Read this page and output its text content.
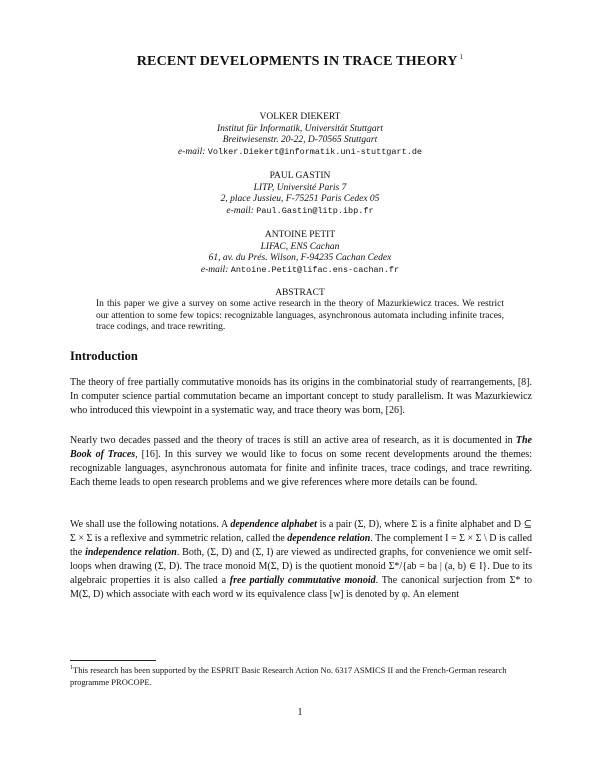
RECENT DEVELOPMENTS IN TRACE THEORY $^1$
VOLKER DIEKERT
Institut für Informatik, Universität Stuttgart
Breitwiesenstr. 20-22, D-70565 Stuttgart
e-mail: Volker.Diekert@informatik.uni-stuttgart.de
PAUL GASTIN
LITP, Université Paris 7
2, place Jussieu, F-75251 Paris Cedex 05
e-mail: Paul.Gastin@litp.ibp.fr
ANTOINE PETIT
LIFAC, ENS Cachan
61, av. du Prés. Wilson, F-94235 Cachan Cedex
e-mail: Antoine.Petit@lifac.ens-cachan.fr
ABSTRACT
In this paper we give a survey on some active research in the theory of Mazurkiewicz traces. We restrict our attention to some few topics: recognizable languages, asynchronous automata including infinite traces, trace codings, and trace rewriting.
Introduction
The theory of free partially commutative monoids has its origins in the combinatorial study of rearrangements, [8]. In computer science partial commutation became an important concept to study parallelism. It was Mazurkiewicz who introduced this viewpoint in a systematic way, and trace theory was born, [26].
Nearly two decades passed and the theory of traces is still an active area of research, as it is documented in The Book of Traces, [16]. In this survey we would like to focus on some recent developments around the themes: recognizable languages, asynchronous automata for finite and infinite traces, trace codings, and trace rewriting. Each theme leads to open research problems and we give references where more details can be found.
We shall use the following notations. A dependence alphabet is a pair (Σ, D), where Σ is a finite alphabet and D ⊆ Σ × Σ is a reflexive and symmetric relation, called the dependence relation. The complement I = Σ × Σ \ D is called the independence relation. Both, (Σ, D) and (Σ, I) are viewed as undirected graphs, for convenience we omit self-loops when drawing (Σ, D). The trace monoid M(Σ, D) is the quotient monoid Σ*/{ab = ba | (a, b) ∈ I}. Due to its algebraic properties it is also called a free partially commutative monoid. The canonical surjection from Σ* to M(Σ, D) which associate with each word w its equivalence class [w] is denoted by φ. An element
$^1$This research has been supported by the ESPRIT Basic Research Action No. 6317 ASMICS II and the French-German research programme PROCOPE.
1
